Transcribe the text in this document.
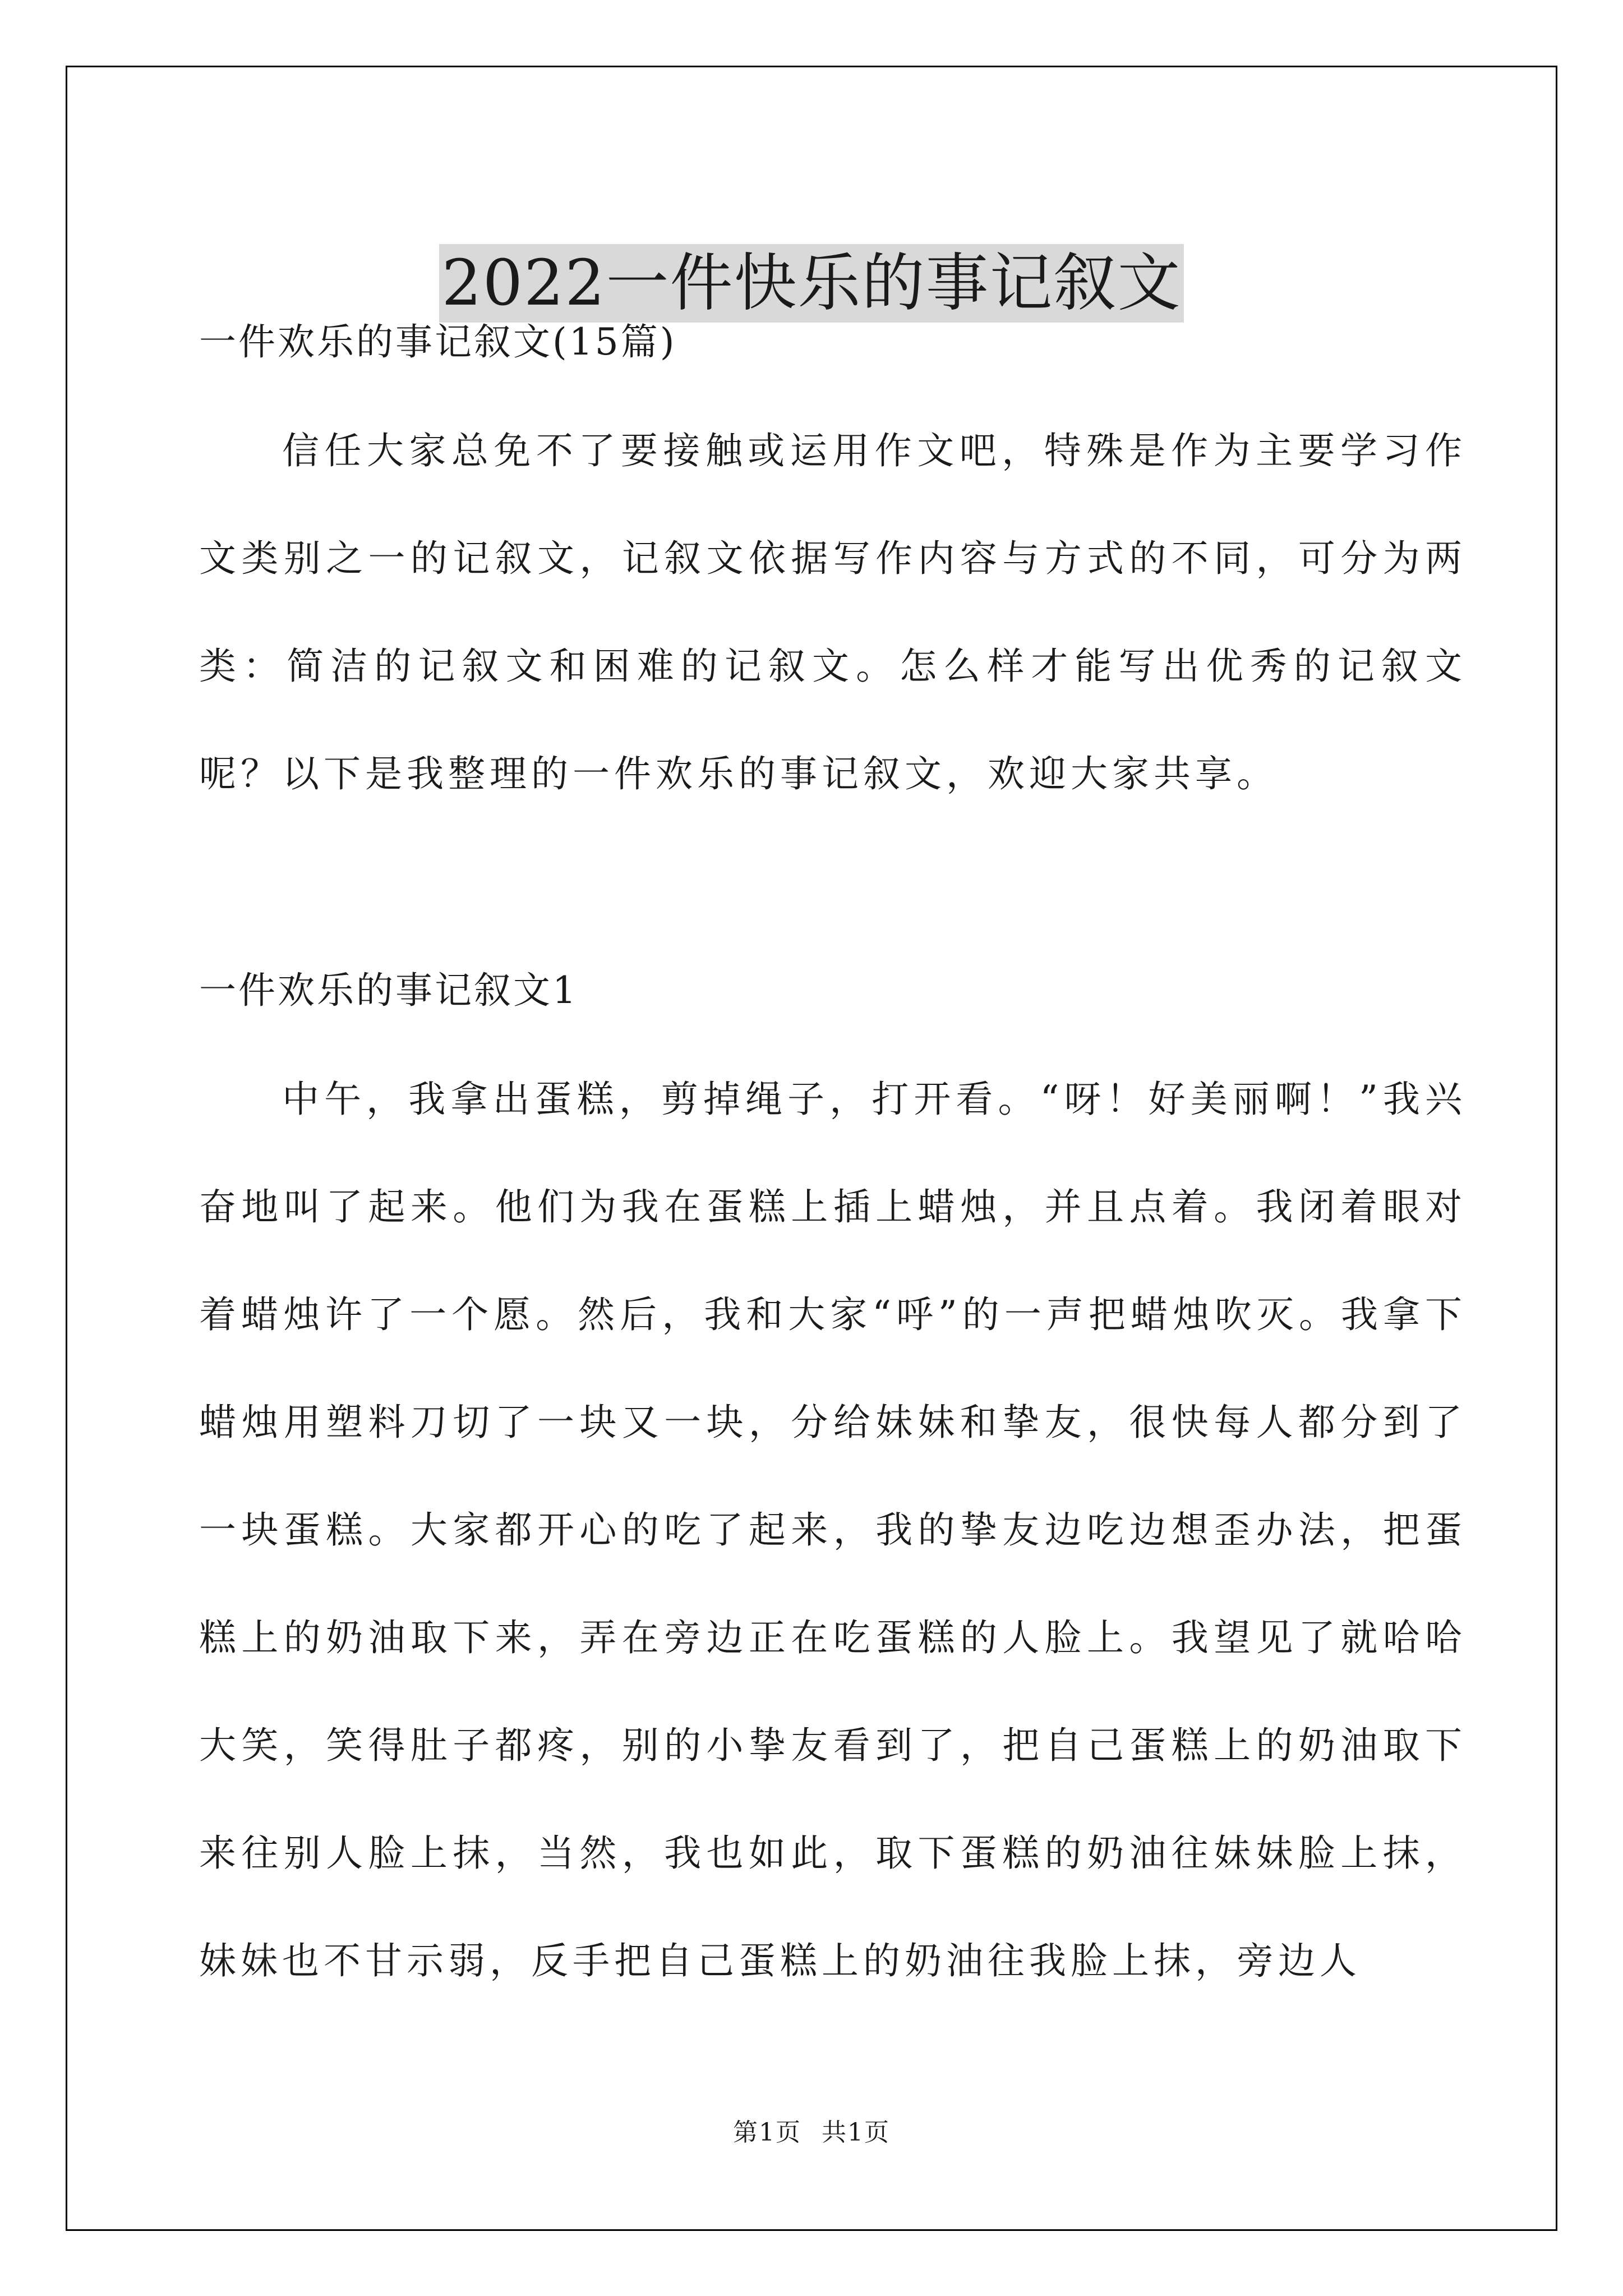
2022一件快乐的事记叙文

一件欢乐的事记叙文(15篇)

信任大家总免不了要接触或运用作文吧，特殊是作为主要学习作文类别之一的记叙文，记叙文依据写作内容与方式的不同，可分为两类：简洁的记叙文和困难的记叙文。怎么样才能写出优秀的记叙文呢？以下是我整理的一件欢乐的事记叙文，欢迎大家共享。

一件欢乐的事记叙文1

中午，我拿出蛋糕，剪掉绳子，打开看。“呀！好美丽啊！”我兴奋地叫了起来。他们为我在蛋糕上插上蜡烛，并且点着。我闭着眼对着蜡烛许了一个愿。然后，我和大家“呼”的一声把蜡烛吹灭。我拿下蜡烛用塑料刀切了一块又一块，分给妹妹和挚友，很快每人都分到了一块蛋糕。大家都开心的吃了起来，我的挚友边吃边想歪办法，把蛋糕上的奶油取下来，弄在旁边正在吃蛋糕的人脸上。我望见了就哈哈大笑，笑得肚子都疼，别的小挚友看到了，把自己蛋糕上的奶油取下来往别人脸上抹，当然，我也如此，取下蛋糕的奶油往妹妹脸上抹，妹妹也不甘示弱，反手把自己蛋糕上的奶油往我脸上抹，旁边人

第1页 共1页
